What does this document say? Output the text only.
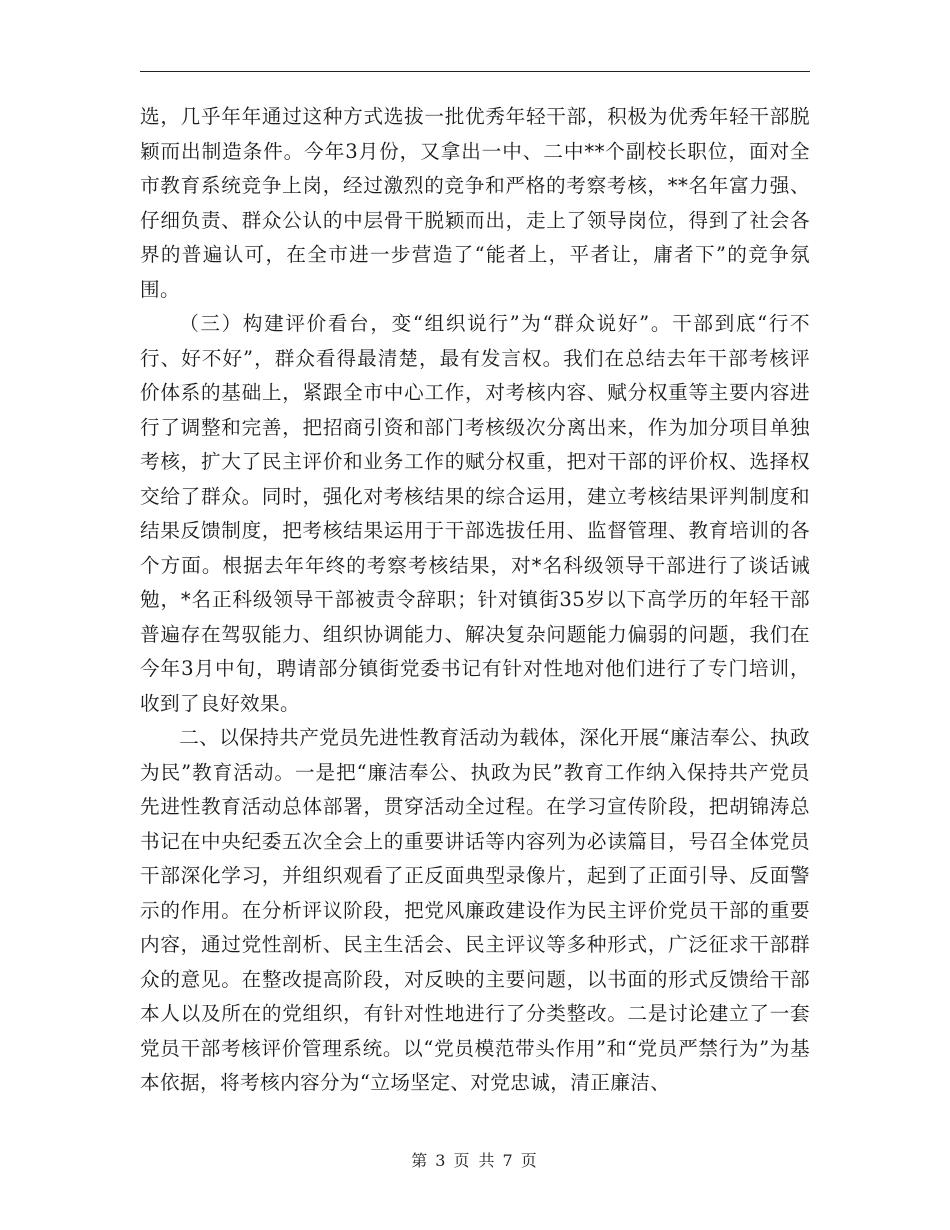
选，几乎年年通过这种方式选拔一批优秀年轻干部，积极为优秀年轻干部脱颖而出制造条件。今年3月份，又拿出一中、二中**个副校长职位，面对全市教育系统竞争上岗，经过激烈的竞争和严格的考察考核，**名年富力强、仔细负责、群众公认的中层骨干脱颖而出，走上了领导岗位，得到了社会各界的普遍认可，在全市进一步营造了“能者上，平者让，庸者下”的竞争氛围。

（三）构建评价看台，变“组织说行”为“群众说好”。干部到底“行不行、好不好”，群众看得最清楚，最有发言权。我们在总结去年干部考核评价体系的基础上，紧跟全市中心工作，对考核内容、赋分权重等主要内容进行了调整和完善，把招商引资和部门考核级次分离出来，作为加分项目单独考核，扩大了民主评价和业务工作的赋分权重，把对干部的评价权、选择权交给了群众。同时，强化对考核结果的综合运用，建立考核结果评判制度和结果反馈制度，把考核结果运用于干部选拔任用、监督管理、教育培训的各个方面。根据去年年终的考察考核结果，对*名科级领导干部进行了谈话诫勉，*名正科级领导干部被责令辞职；针对镇街35岁以下高学历的年轻干部普遍存在驾驭能力、组织协调能力、解决复杂问题能力偏弱的问题，我们在今年3月中旬，聘请部分镇街党委书记有针对性地对他们进行了专门培训，收到了良好效果。

二、以保持共产党员先进性教育活动为载体，深化开展“廉洁奉公、执政为民”教育活动。一是把“廉洁奉公、执政为民”教育工作纳入保持共产党员先进性教育活动总体部署，贯穿活动全过程。在学习宣传阶段，把胡锦涛总书记在中央纪委五次全会上的重要讲话等内容列为必读篇目，号召全体党员干部深化学习，并组织观看了正反面典型录像片，起到了正面引导、反面警示的作用。在分析评议阶段，把党风廉政建设作为民主评价党员干部的重要内容，通过党性剖析、民主生活会、民主评议等多种形式，广泛征求干部群众的意见。在整改提高阶段，对反映的主要问题，以书面的形式反馈给干部本人以及所在的党组织，有针对性地进行了分类整改。二是讨论建立了一套党员干部考核评价管理系统。以“党员模范带头作用”和“党员严禁行为”为基本依据，将考核内容分为“立场坚定、对党忠诚，清正廉洁、

第 3 页 共 7 页
